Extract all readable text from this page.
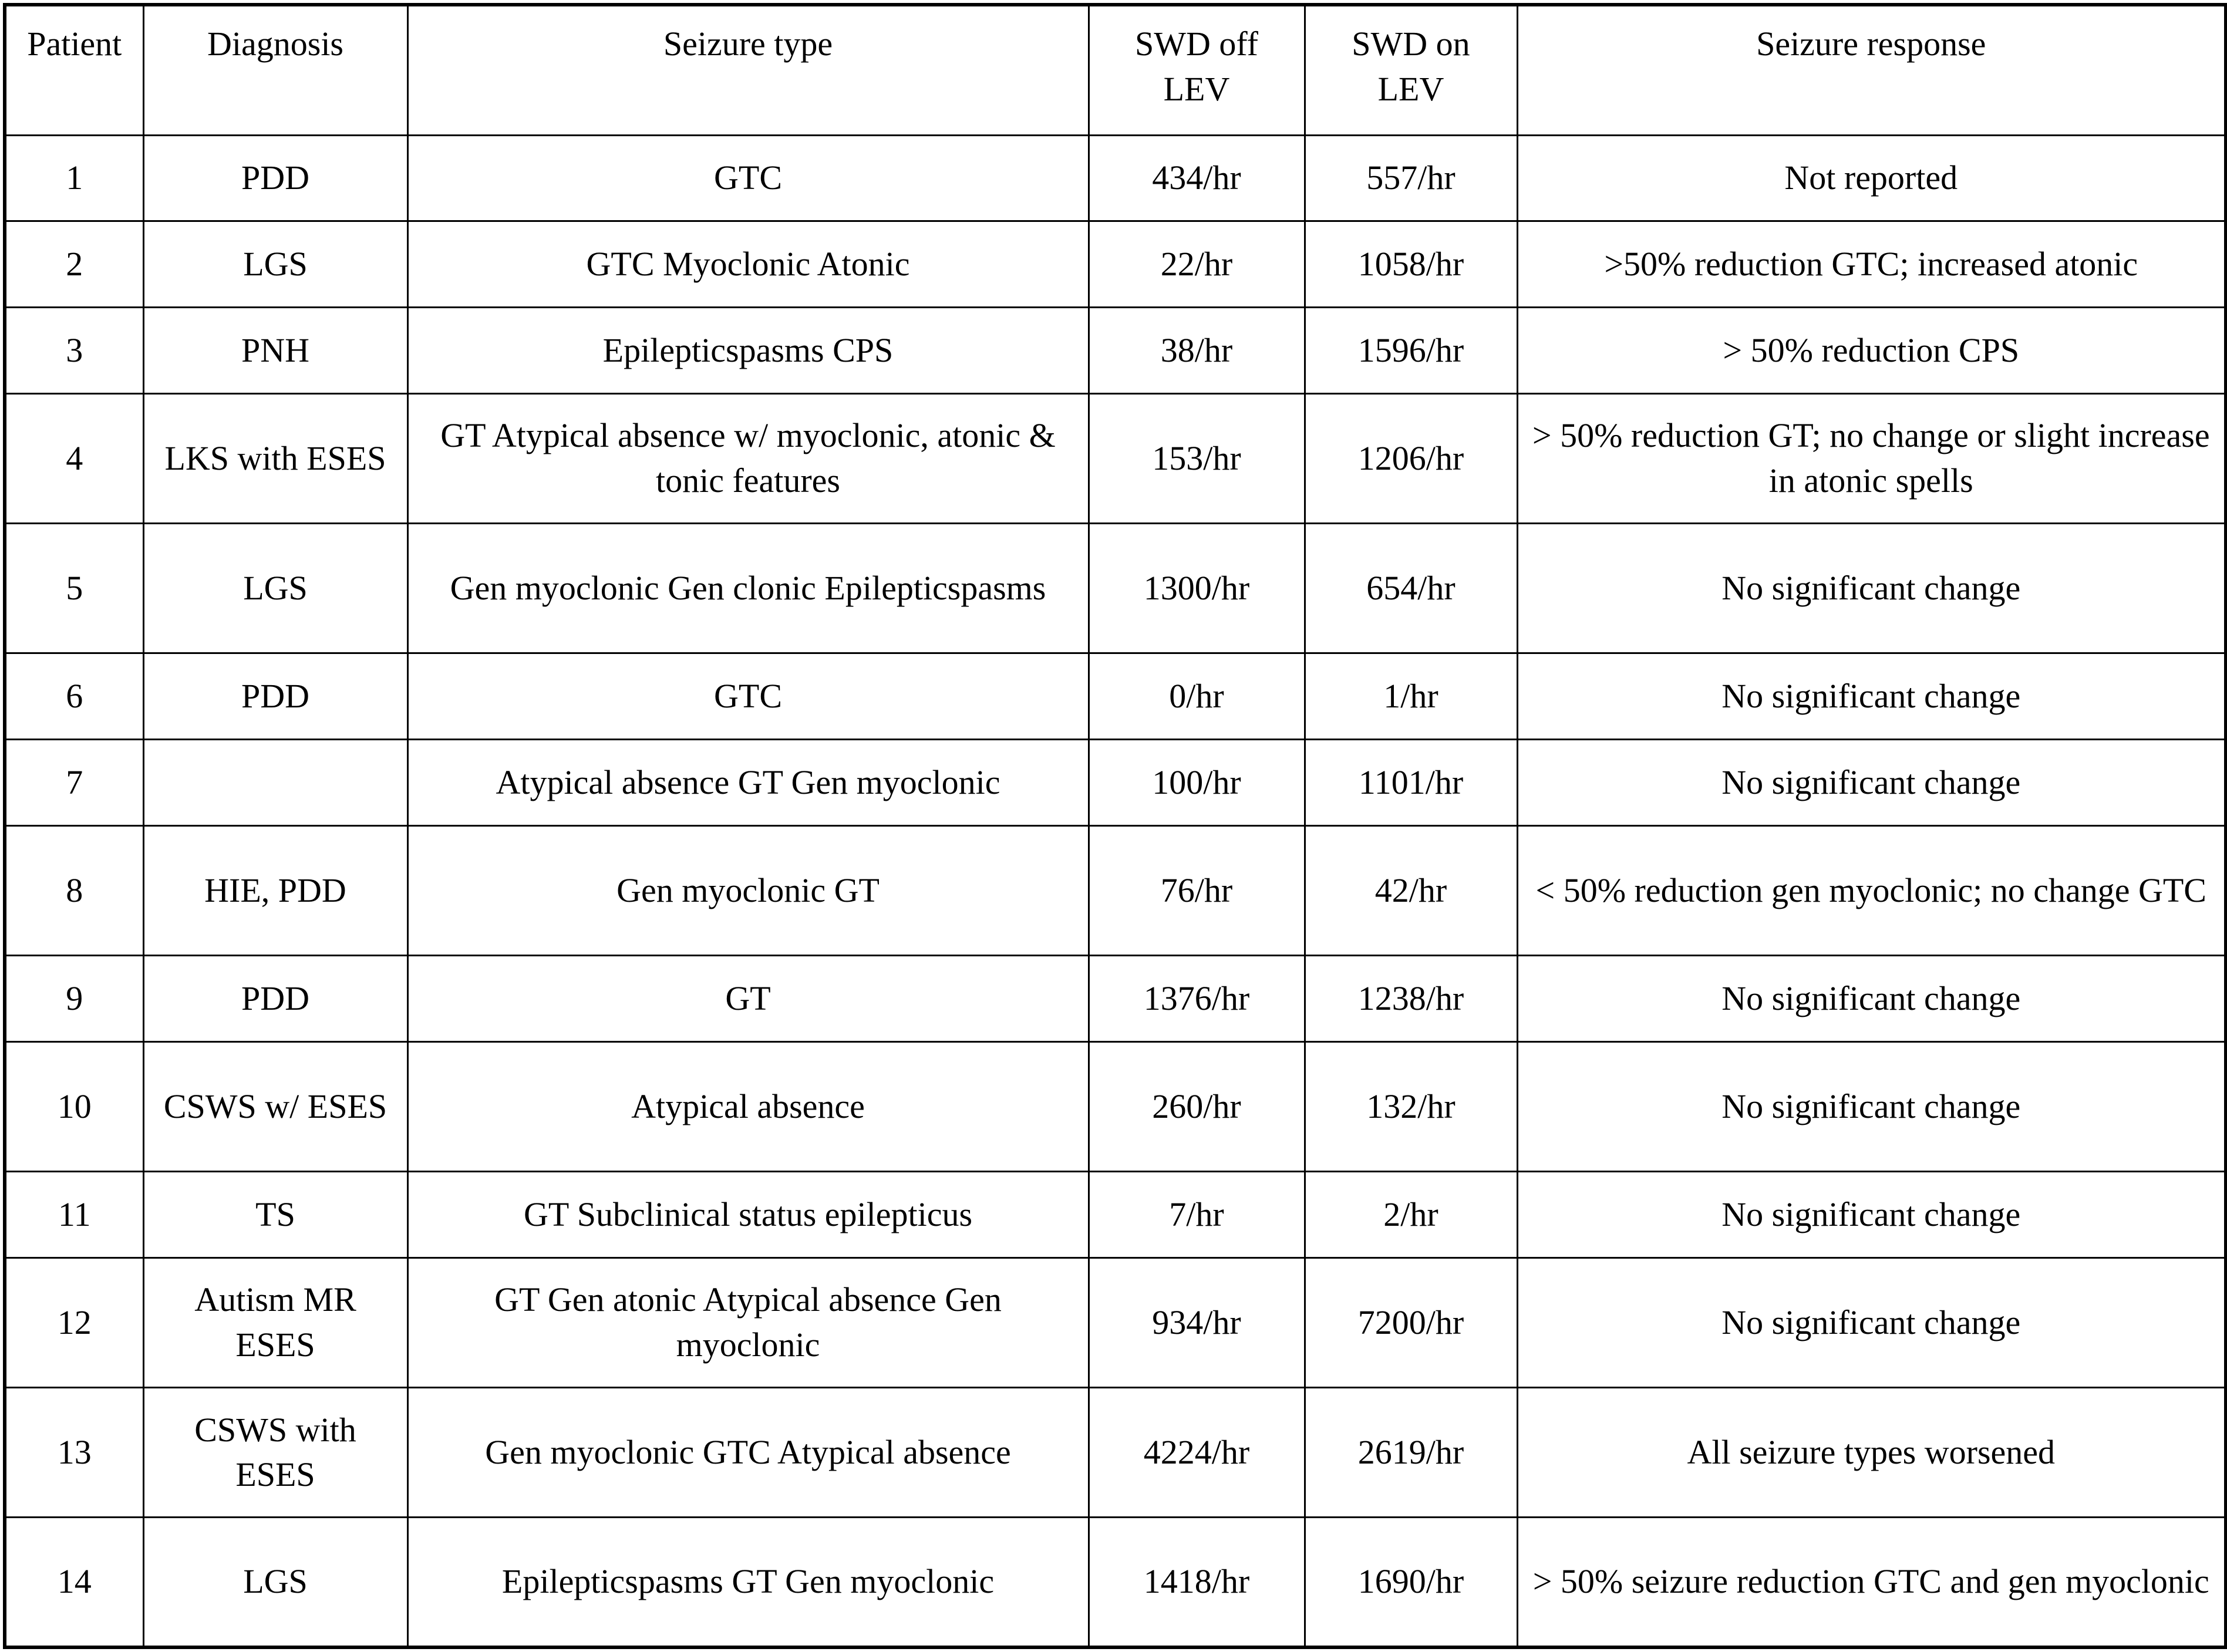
Patient	Diagnosis	Seizure type	SWD off LEV	SWD on LEV	Seizure response
1	PDD	GTC	434/hr	557/hr	Not reported
2	LGS	GTC Myoclonic Atonic	22/hr	1058/hr	>50% reduction GTC; increased atonic
3	PNH	Epilepticspasms CPS	38/hr	1596/hr	> 50% reduction CPS
4	LKS with ESES	GT Atypical absence w/ myoclonic, atonic & tonic features	153/hr	1206/hr	> 50% reduction GT; no change or slight increase in atonic spells
5	LGS	Gen myoclonic Gen clonic Epilepticspasms	1300/hr	654/hr	No significant change
6	PDD	GTC	0/hr	1/hr	No significant change
7		Atypical absence GT Gen myoclonic	100/hr	1101/hr	No significant change
8	HIE, PDD	Gen myoclonic GT	76/hr	42/hr	< 50% reduction gen myoclonic; no change GTC
9	PDD	GT	1376/hr	1238/hr	No significant change
10	CSWS w/ ESES	Atypical absence	260/hr	132/hr	No significant change
11	TS	GT Subclinical status epilepticus	7/hr	2/hr	No significant change
12	Autism MR ESES	GT Gen atonic Atypical absence Gen myoclonic	934/hr	7200/hr	No significant change
13	CSWS with ESES	Gen myoclonic GTC Atypical absence	4224/hr	2619/hr	All seizure types worsened
14	LGS	Epilepticspasms GT Gen myoclonic	1418/hr	1690/hr	> 50% seizure reduction GTC and gen myoclonic
